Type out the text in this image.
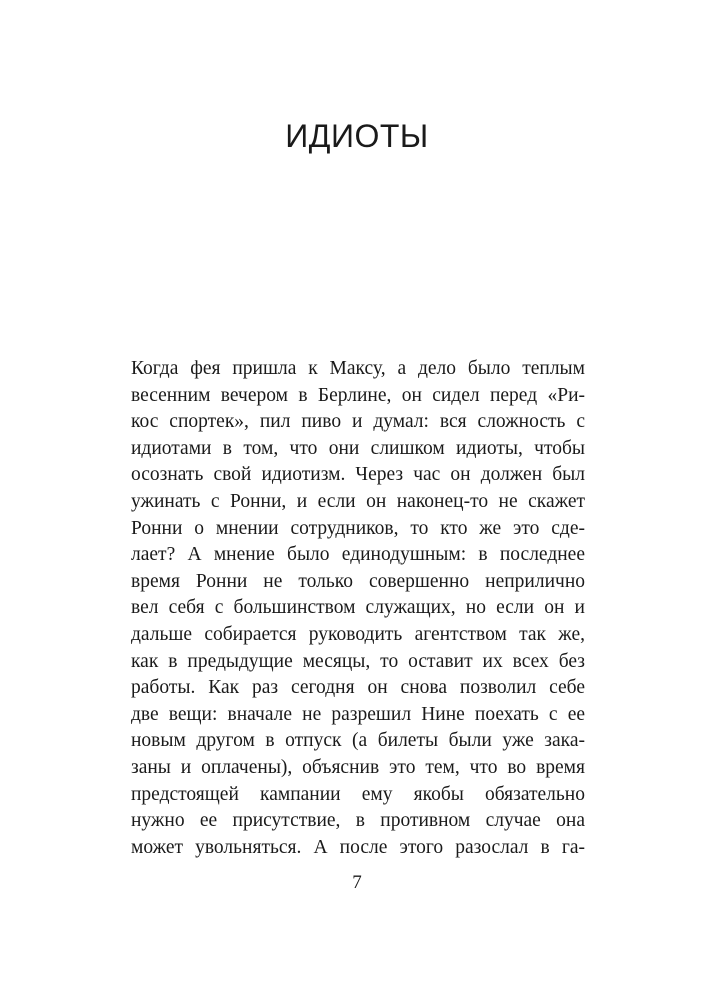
ИДИОТЫ
Когда фея пришла к Максу, а дело было теплым
весенним вечером в Берлине, он сидел перед «Ри-
кос спортек», пил пиво и думал: вся сложность с
идиотами в том, что они слишком идиоты, чтобы
осознать свой идиотизм. Через час он должен был
ужинать с Ронни, и если он наконец-то не скажет
Ронни о мнении сотрудников, то кто же это сде-
лает? А мнение было единодушным: в последнее
время Ронни не только совершенно неприлично
вел себя с большинством служащих, но если он и
дальше собирается руководить агентством так же,
как в предыдущие месяцы, то оставит их всех без
работы. Как раз сегодня он снова позволил себе
две вещи: вначале не разрешил Нине поехать с ее
новым другом в отпуск (а билеты были уже зака-
заны и оплачены), объяснив это тем, что во время
предстоящей кампании ему якобы обязательно
нужно ее присутствие, в противном случае она
может увольняться. А после этого разослал в га-
7
